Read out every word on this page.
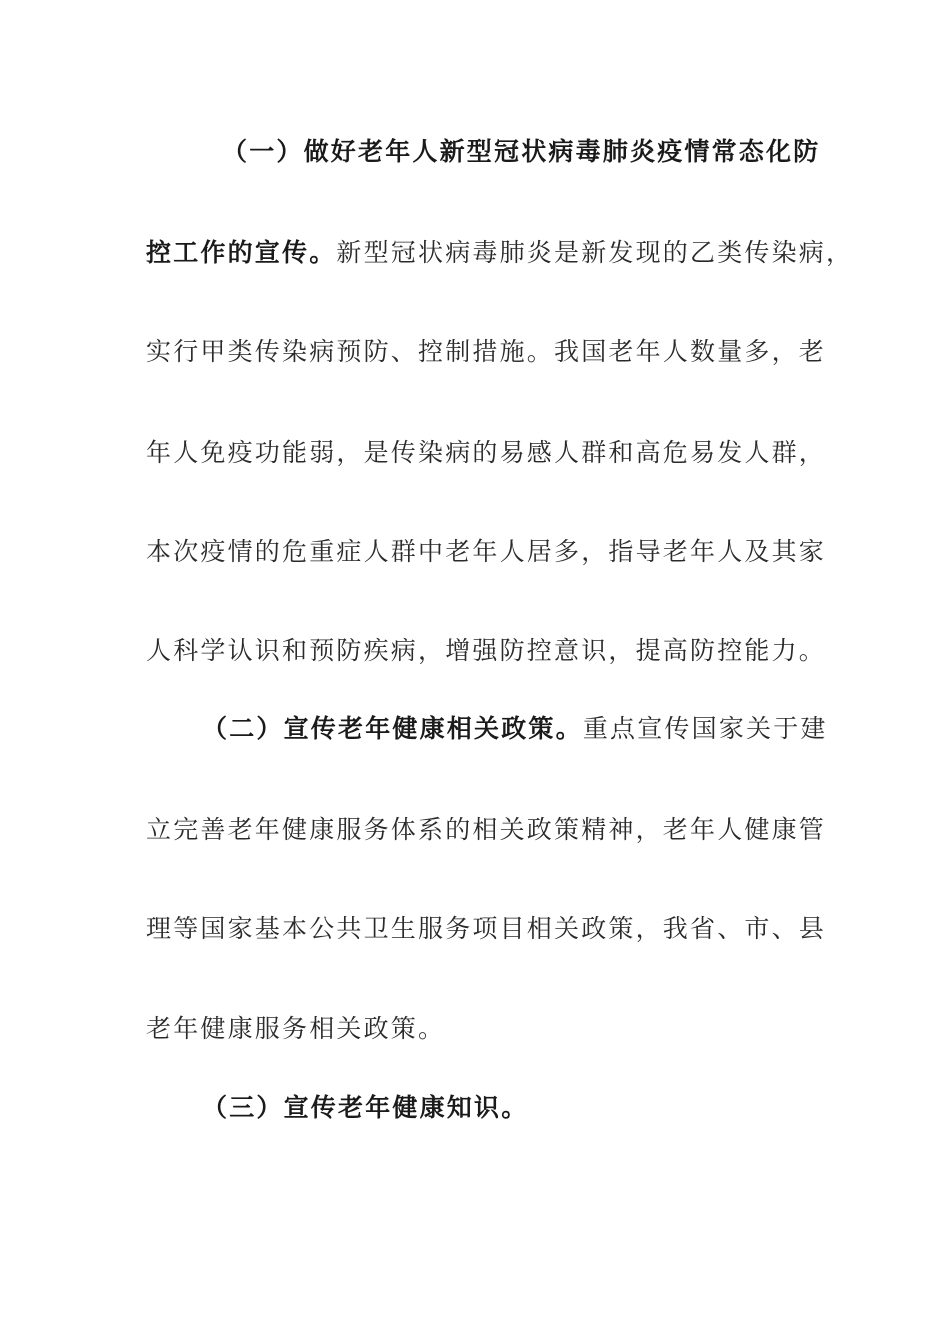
（一）做好老年人新型冠状病毒肺炎疫情常态化防
控工作的宣传。新型冠状病毒肺炎是新发现的乙类传染病，
实行甲类传染病预防、控制措施。我国老年人数量多，老
年人免疫功能弱，是传染病的易感人群和高危易发人群，
本次疫情的危重症人群中老年人居多，指导老年人及其家
人科学认识和预防疾病，增强防控意识，提高防控能力。
（二）宣传老年健康相关政策。重点宣传国家关于建
立完善老年健康服务体系的相关政策精神，老年人健康管
理等国家基本公共卫生服务项目相关政策，我省、市、县
老年健康服务相关政策。
（三）宣传老年健康知识。
